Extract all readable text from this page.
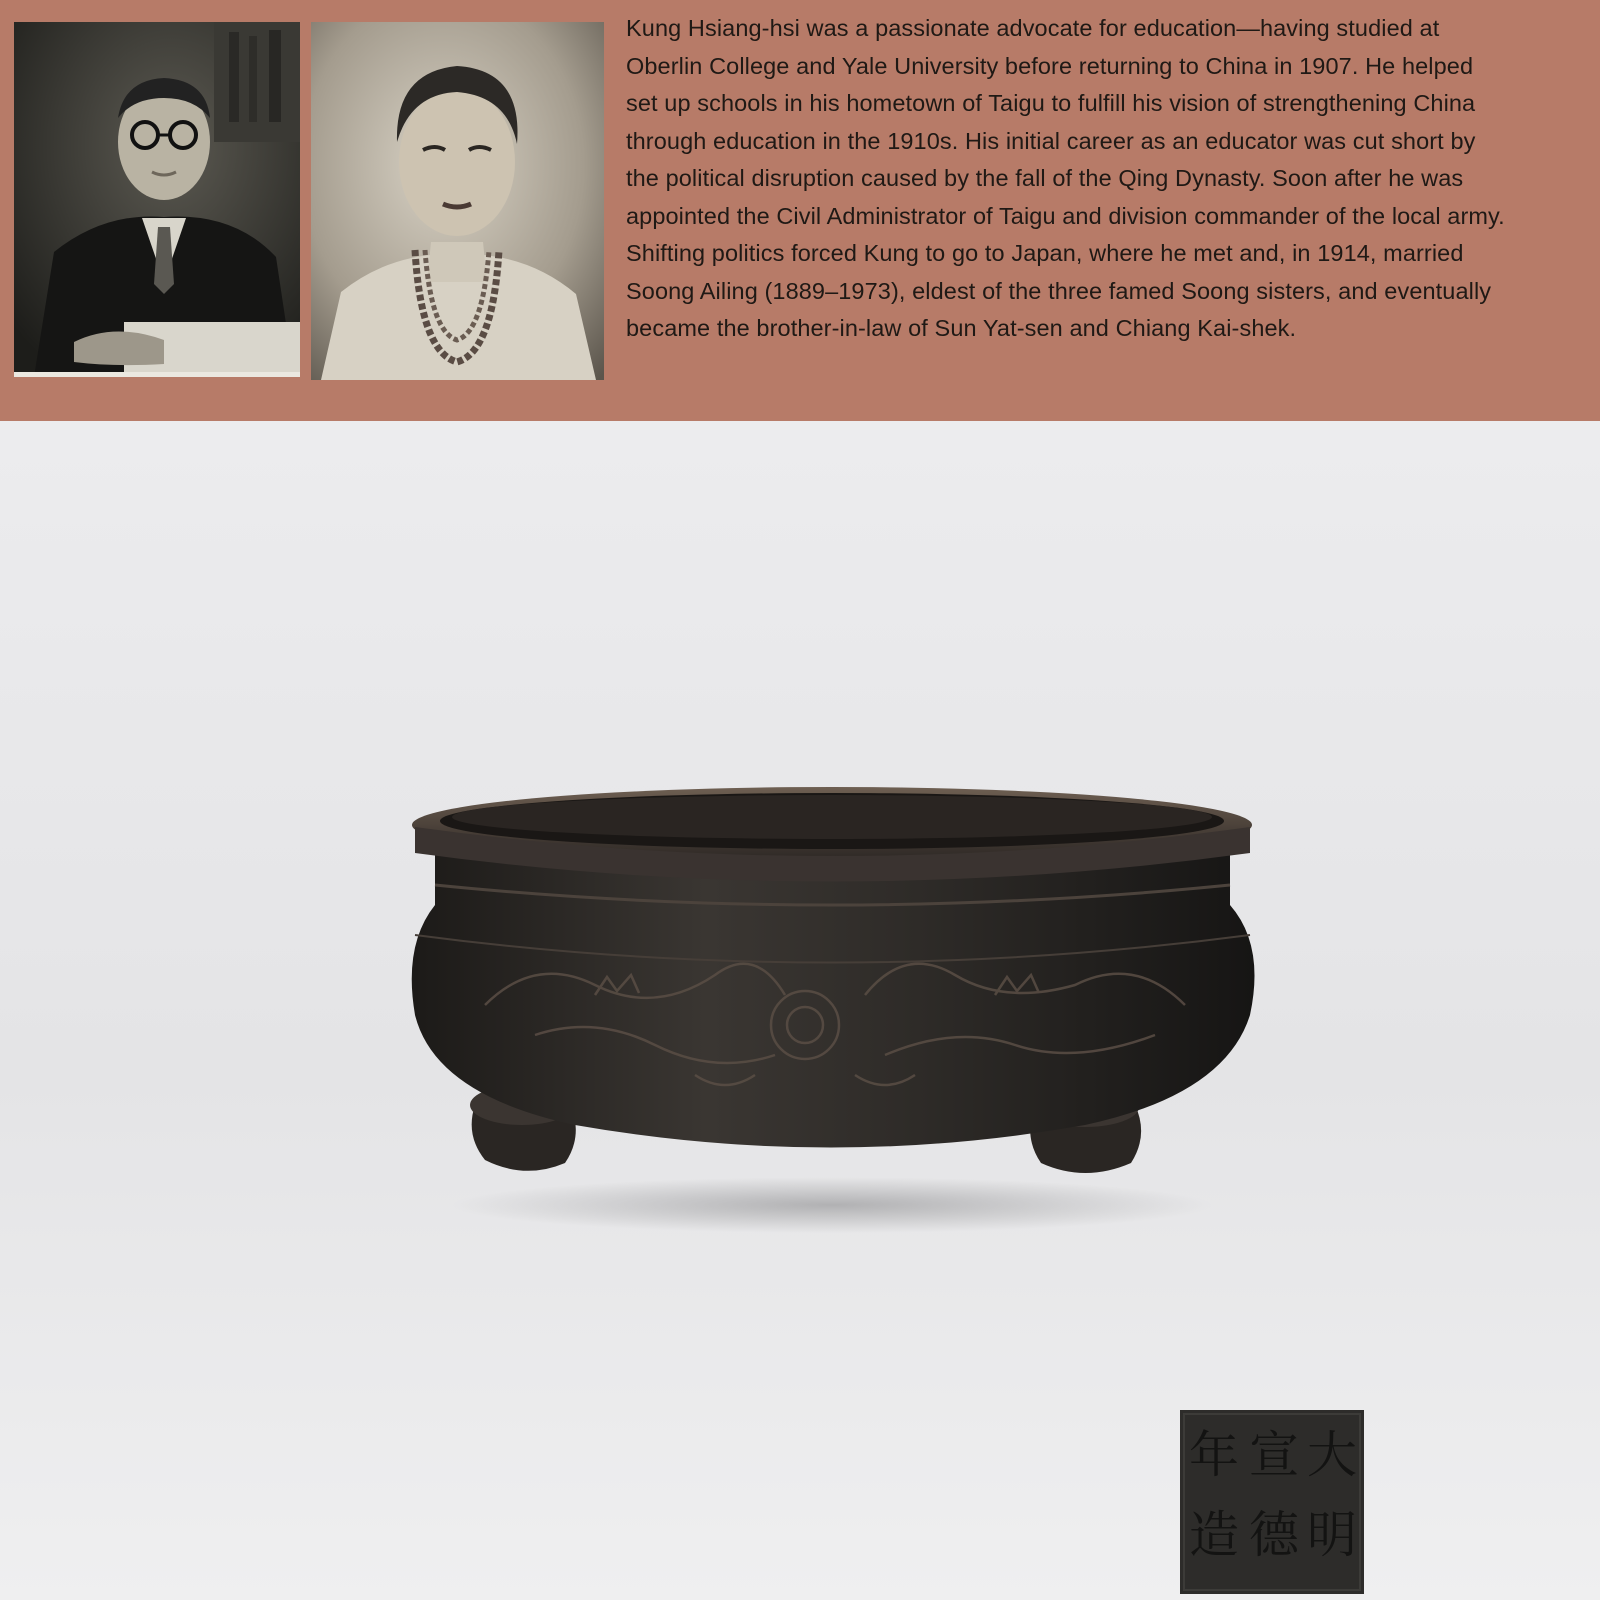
Kung Hsiang-hsi was a passionate advocate for education—having studied at Oberlin College and Yale University before returning to China in 1907. He helped set up schools in his hometown of Taigu to fulfill his vision of strengthening China through education in the 1910s. His initial career as an educator was cut short by the political disruption caused by the fall of the Qing Dynasty. Soon after he was appointed the Civil Administrator of Taigu and division commander of the local army. Shifting politics forced Kung to go to Japan, where he met and, in 1914, married Soong Ailing (1889–1973), eldest of the three famed Soong sisters, and eventually became the brother-in-law of Sun Yat-sen and Chiang Kai-shek.

大
明
宣
德
年
造
